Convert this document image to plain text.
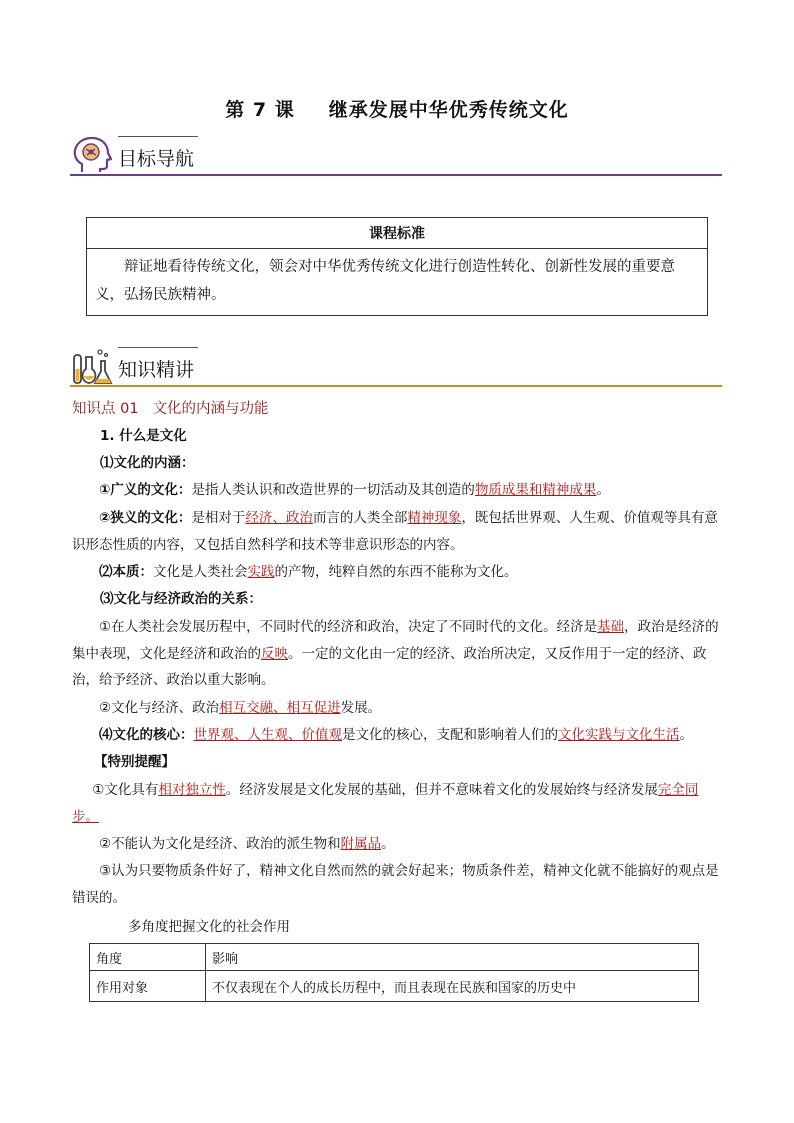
第 7 课 继承发展中华优秀传统文化
目标导航
课程标准
辩证地看待传统文化，领会对中华优秀传统文化进行创造性转化、创新性发展的重要意义，弘扬民族精神。
知识精讲
知识点 01 文化的内涵与功能
1. 什么是文化
⑴文化的内涵：
①广义的文化：是指人类认识和改造世界的一切活动及其创造的物质成果和精神成果。
②狭义的文化：是相对于经济、政治而言的人类全部精神现象，既包括世界观、人生观、价值观等具有意识形态性质的内容，又包括自然科学和技术等非意识形态的内容。
⑵本质：文化是人类社会实践的产物，纯粹自然的东西不能称为文化。
⑶文化与经济政治的关系：
①在人类社会发展历程中，不同时代的经济和政治，决定了不同时代的文化。经济是基础，政治是经济的集中表现，文化是经济和政治的反映。一定的文化由一定的经济、政治所决定，又反作用于一定的经济、政治，给予经济、政治以重大影响。
②文化与经济、政治相互交融、相互促进发展。
⑷文化的核心：世界观、人生观、价值观是文化的核心，支配和影响着人们的文化实践与文化生活。
【特别提醒】
①文化具有相对独立性。经济发展是文化发展的基础，但并不意味着文化的发展始终与经济发展完全同步。
②不能认为文化是经济、政治的派生物和附属品。
③认为只要物质条件好了，精神文化自然而然的就会好起来；物质条件差，精神文化就不能搞好的观点是错误的。
多角度把握文化的社会作用
角度	影响
作用对象	不仅表现在个人的成长历程中，而且表现在民族和国家的历史中
